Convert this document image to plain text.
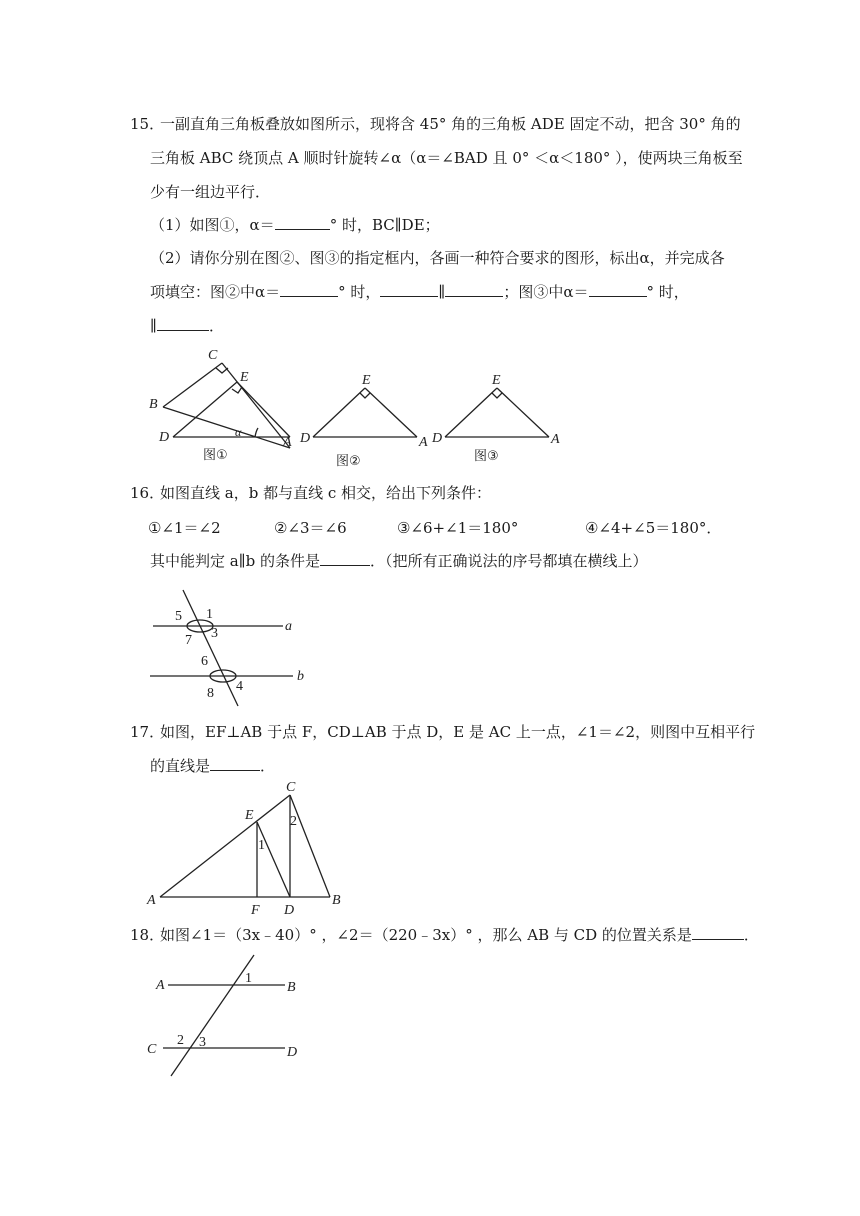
15．
一副直角三角板叠放如图所示，现将含 45° 角的三角板 ADE 固定不动，把含 30° 角的
三角板 ABC 绕顶点 A 顺时针旋转∠α（α＝∠BAD 且 0° ＜α＜180° ），使两块三角板至
少有一组边平行．
（1）如图①，α＝	° 时，BC∥DE；
（2）请你分别在图②、图③的指定框内，各画一种符合要求的图形，标出α，并完成各
项填空：图②中α＝	° 时，	∥	；图③中α＝	° 时，
∥	．
C
E
B
D	A
α
图①
E
D	A
图②
E
D	A
图③
16．
如图直线 a，b 都与直线 c 相交，给出下列条件：
①∠1＝∠2	②∠3＝∠6	③∠6+∠1＝180°	④∠4+∠5＝180°．
其中能判定 a∥b 的条件是	．（把所有正确说法的序号都填在横线上）
5 1
7 3
6
8 4
a
b
17．
如图，EF⊥AB 于点 F，CD⊥AB 于点 D，E 是 AC 上一点，∠1＝∠2，则图中互相平行
的直线是	．
A	B
C
D
E
F
1
2
18．
如图∠1＝（3x﹣40）° ，∠2＝（220﹣3x）° ，那么 AB 与 CD 的位置关系是	．
A	B
C	D
1
2 3
